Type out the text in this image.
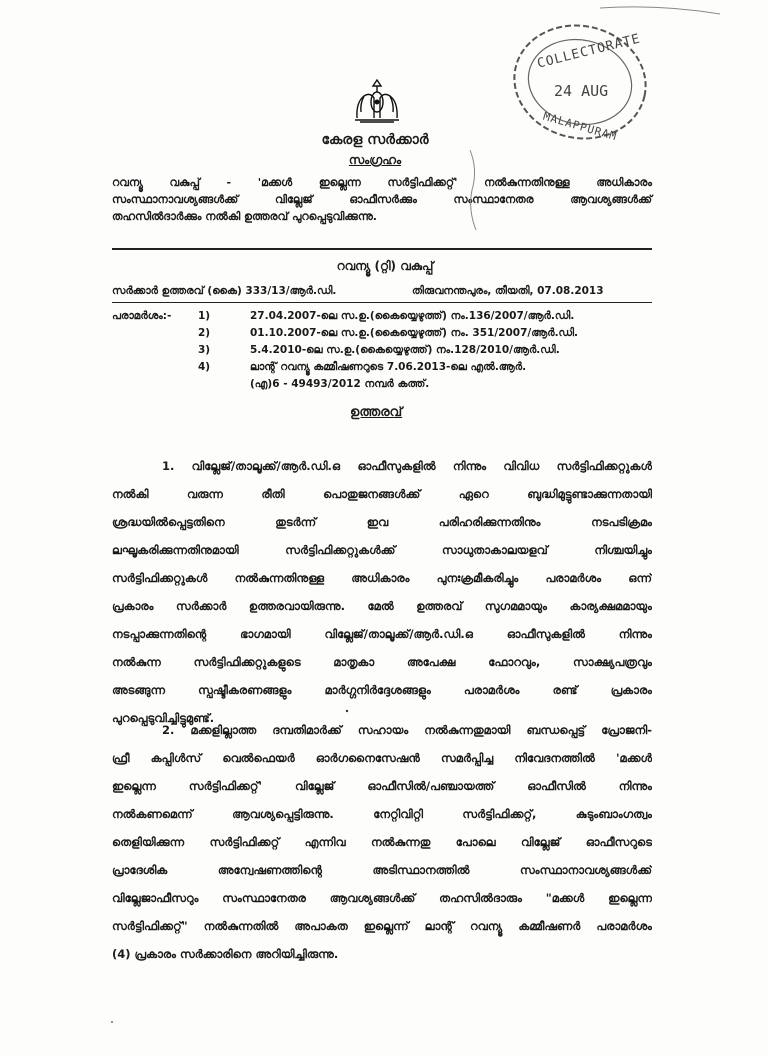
COLLECTORATE
24 AUG
MALAPPURAM
കേരള സർക്കാർ
സംഗ്രഹം
റവന്യൂ വകുപ്പ് - 'മക്കൾ ഇല്ലെന്ന സർട്ടിഫിക്കറ്റ്' നൽകുന്നതിനുള്ള അധികാരം
സംസ്ഥാനാവശ്യങ്ങൾക്ക് വില്ലേജ് ഓഫീസർക്കും സംസ്ഥാനേതര ആവശ്യങ്ങൾക്ക്
തഹസിൽദാർക്കും നൽകി ഉത്തരവ് പുറപ്പെടുവിക്കുന്നു.
റവന്യൂ (റ്റി) വകുപ്പ്
സർക്കാർ ഉത്തരവ് (കൈ) 333/13/ആർ.ഡി.	തിരുവനന്തപുരം, തീയതി, 07.08.2013
പരാമർശം:-	1)	27.04.2007-ലെ സ.ഉ.(കൈയ്യെഴുത്ത്) നം.136/2007/ആർ.ഡി.
2)	01.10.2007-ലെ സ.ഉ.(കൈയ്യെഴുത്ത്) നം. 351/2007/ആർ.ഡി.
3)	5.4.2010-ലെ സ.ഉ.(കൈയ്യെഴുത്ത്) നം.128/2010/ആർ.ഡി.
4)	ലാന്റ് റവന്യൂ കമ്മീഷണറുടെ 7.06.2013-ലെ എൽ.ആർ.
(എ)6 - 49493/2012 നമ്പർ കത്ത്.
ഉത്തരവ്
1. വില്ലേജ്/താലൂക്ക്/ആർ.ഡി.ഒ ഓഫീസുകളിൽ നിന്നും വിവിധ സർട്ടിഫിക്കറ്റുകൾ
നൽകി വരുന്ന രീതി പൊതുജനങ്ങൾക്ക് ഏറെ ബുദ്ധിമുട്ടുണ്ടാക്കുന്നതായി
ശ്രദ്ധയിൽപ്പെട്ടതിനെ തുടർന്ന് ഇവ പരിഹരിക്കുന്നതിനും നടപടിക്രമം
ലഘൂകരിക്കുന്നതിനുമായി സർട്ടിഫിക്കറ്റുകൾക്ക് സാധുതാകാലയളവ് നിശ്ചയിച്ചും
സർട്ടിഫിക്കറ്റുകൾ നൽകുന്നതിനുള്ള അധികാരം പുനഃക്രമീകരിച്ചും പരാമർശം ഒന്ന്
പ്രകാരം സർക്കാർ ഉത്തരവായിരുന്നു. മേൽ ഉത്തരവ് സുഗമമായും കാര്യക്ഷമമായും
നടപ്പാക്കുന്നതിന്റെ ഭാഗമായി വില്ലേജ്/താലൂക്ക്/ആർ.ഡി.ഒ ഓഫീസുകളിൽ നിന്നും
നൽകുന്ന സർട്ടിഫിക്കറ്റുകളുടെ മാതൃകാ അപേക്ഷ ഫോറവും, സാക്ഷ്യപത്രവും
അടങ്ങുന്ന സ്പഷ്ടീകരണങ്ങളും മാർഗ്ഗനിർദ്ദേശങ്ങളും പരാമർശം രണ്ട് പ്രകാരം
പുറപ്പെടുവിച്ചിട്ടുമുണ്ട്.
2. മക്കളില്ലാത്ത ദമ്പതിമാർക്ക് സഹായം നൽകുന്നതുമായി ബന്ധപ്പെട്ട് പ്രോജനി-
ഫ്രീ കപ്പിൾസ് വെൽഫെയർ ഓർഗനൈസേഷൻ സമർപ്പിച്ച നിവേദനത്തിൽ 'മക്കൾ
ഇല്ലെന്ന സർട്ടിഫിക്കറ്റ്' വില്ലേജ് ഓഫീസിൽ/പഞ്ചായത്ത് ഓഫീസിൽ നിന്നും
നൽകണമെന്ന് ആവശ്യപ്പെട്ടിരുന്നു. നേറ്റിവിറ്റി സർട്ടിഫിക്കറ്റ്, കുടുംബാംഗത്വം
തെളിയിക്കുന്ന സർട്ടിഫിക്കറ്റ് എന്നിവ നൽകുന്നതു പോലെ വില്ലേജ് ഓഫീസറുടെ
പ്രാദേശിക അന്വേഷണത്തിന്റെ അടിസ്ഥാനത്തിൽ സംസ്ഥാനാവശ്യങ്ങൾക്ക്
വില്ലേജാഫീസറും സംസ്ഥാനേതര ആവശ്യങ്ങൾക്ക് തഹസിൽദാരും "മക്കൾ ഇല്ലെന്ന
സർട്ടിഫിക്കറ്റ്" നൽകുന്നതിൽ അപാകത ഇല്ലെന്ന് ലാന്റ് റവന്യൂ കമ്മീഷണർ പരാമർശം
(4) പ്രകാരം സർക്കാരിനെ അറിയിച്ചിരുന്നു.
